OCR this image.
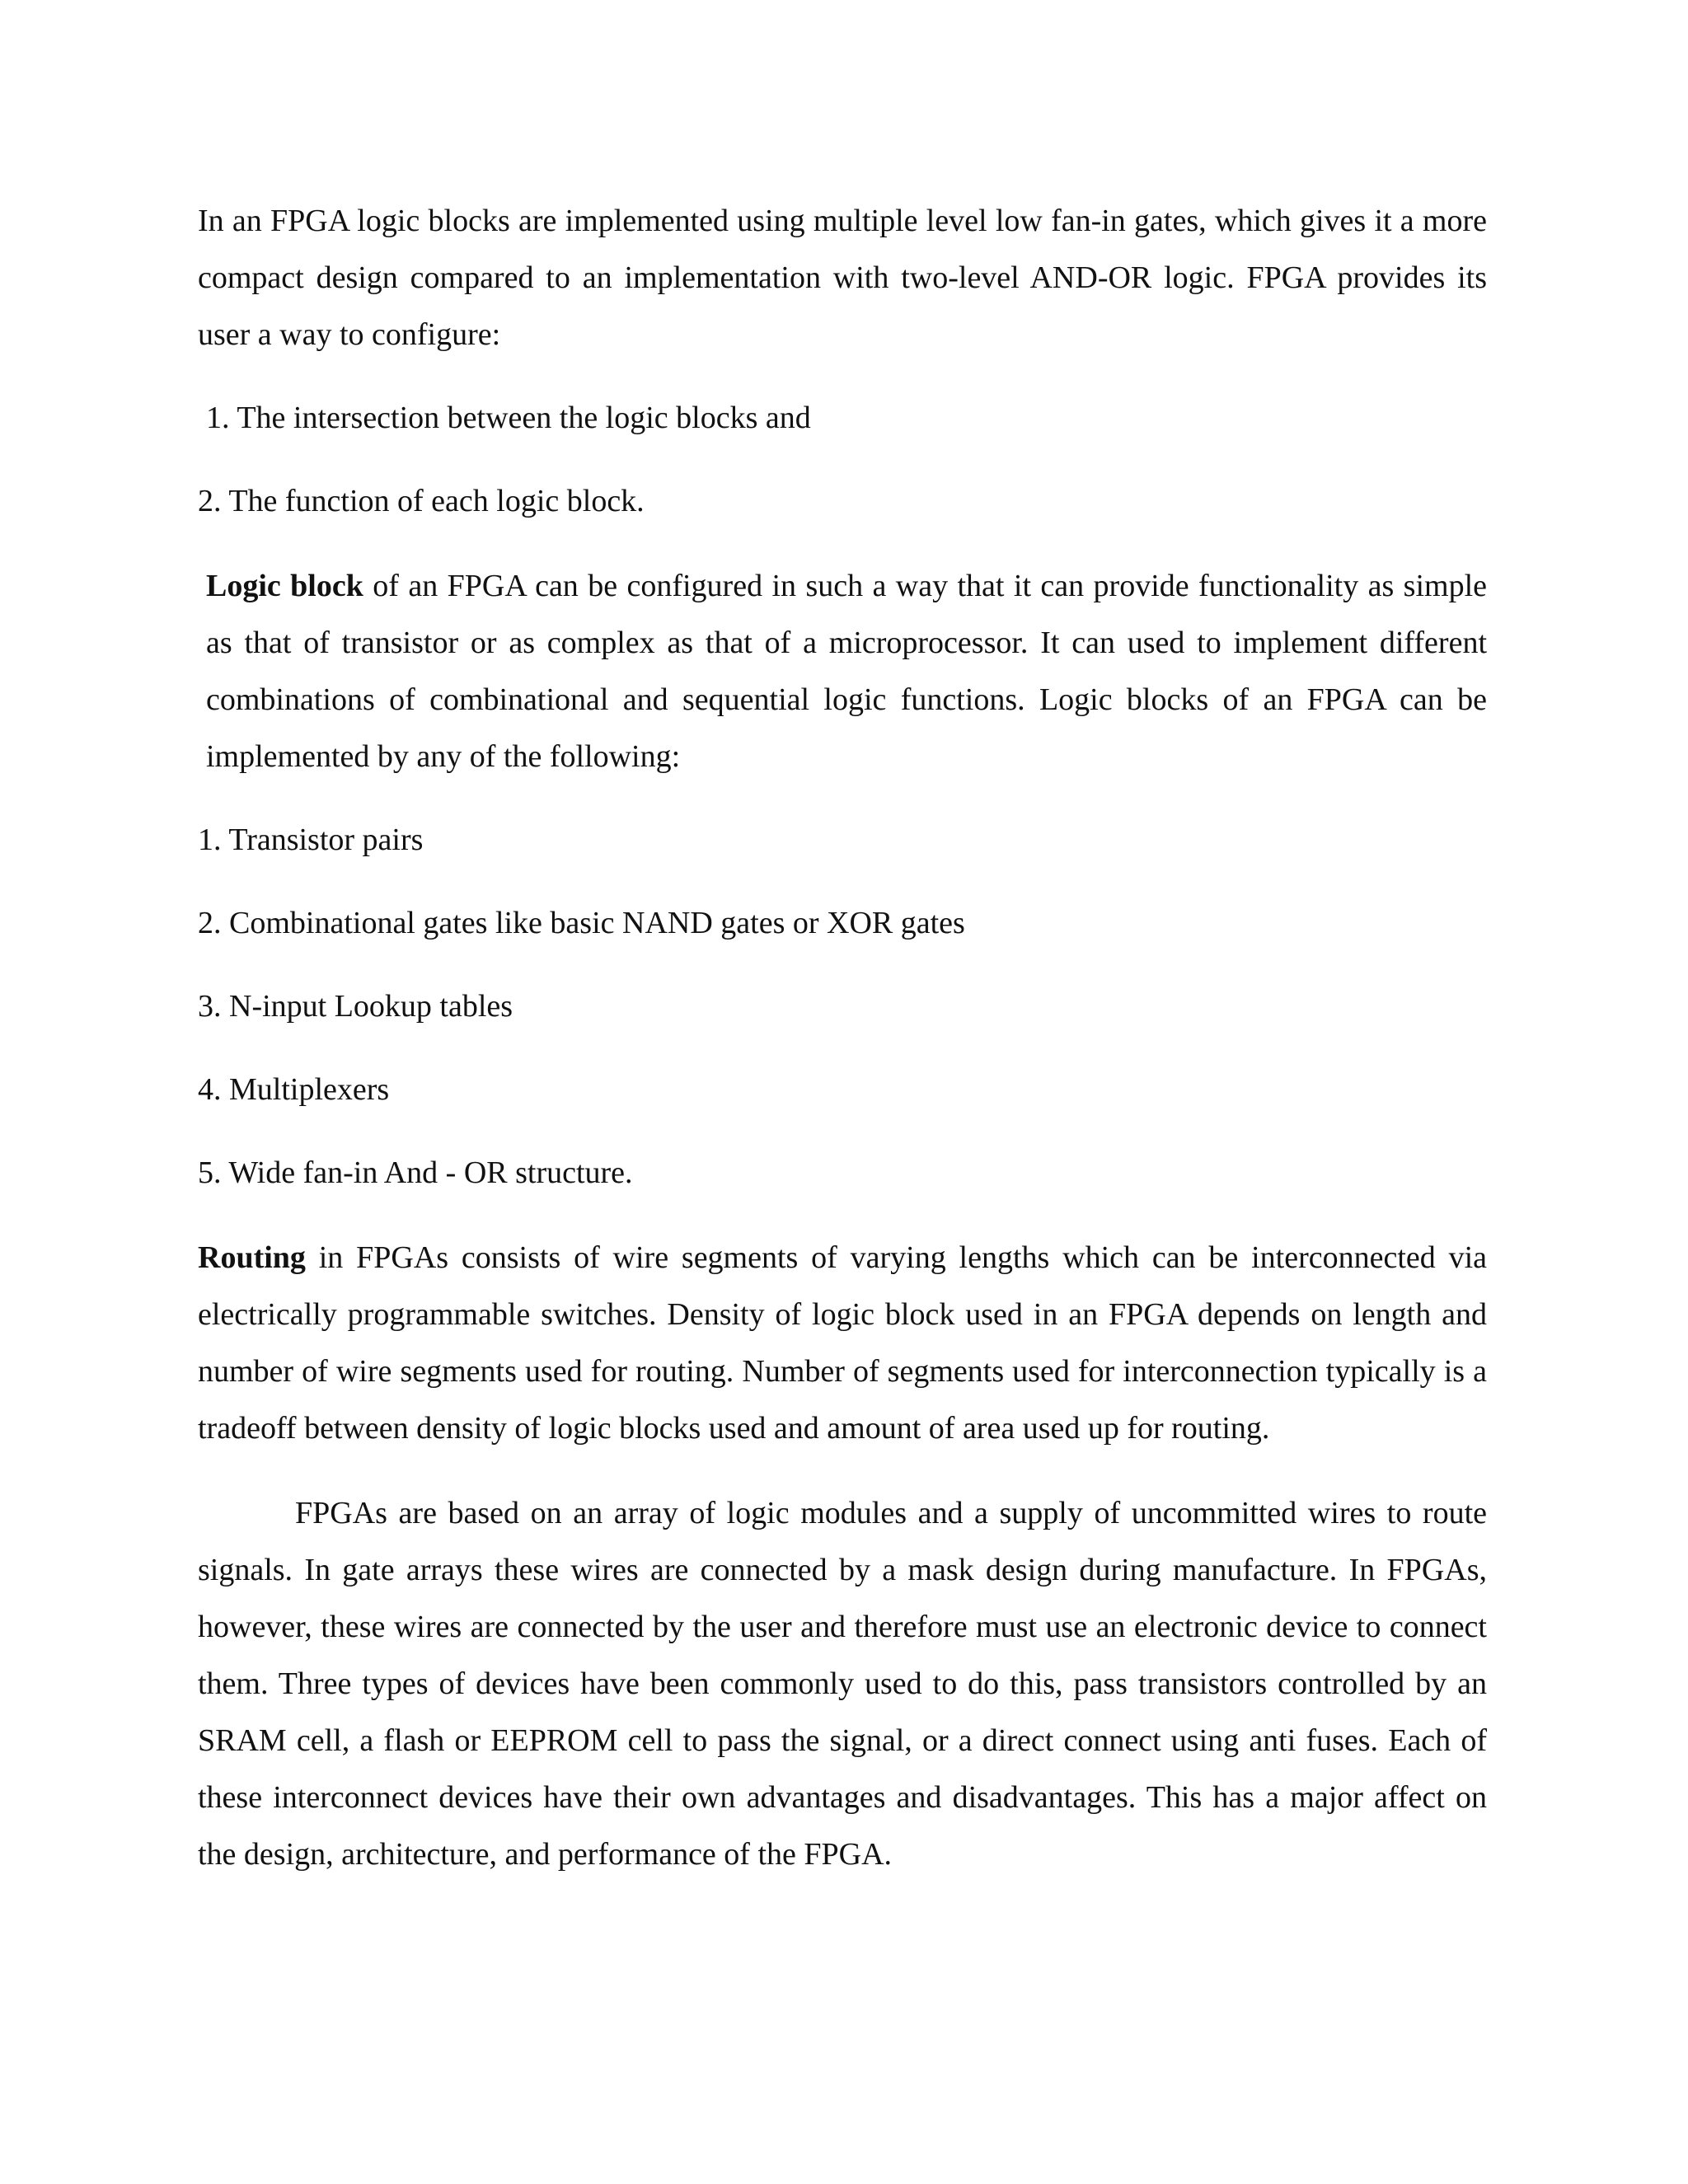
In an FPGA logic blocks are implemented using multiple level low fan-in gates, which gives it a more compact design compared to an implementation with two-level AND-OR logic. FPGA provides its user a way to configure:

1. The intersection between the logic blocks and

2. The function of each logic block.

Logic block of an FPGA can be configured in such a way that it can provide functionality as simple as that of transistor or as complex as that of a microprocessor. It can used to implement different combinations of combinational and sequential logic functions. Logic blocks of an FPGA can be implemented by any of the following:

1. Transistor pairs

2. Combinational gates like basic NAND gates or XOR gates

3. N-input Lookup tables

4. Multiplexers

5. Wide fan-in And - OR structure.

Routing in FPGAs consists of wire segments of varying lengths which can be interconnected via electrically programmable switches. Density of logic block used in an FPGA depends on length and number of wire segments used for routing. Number of segments used for interconnection typically is a tradeoff between density of logic blocks used and amount of area used up for routing.

FPGAs are based on an array of logic modules and a supply of uncommitted wires to route signals. In gate arrays these wires are connected by a mask design during manufacture. In FPGAs, however, these wires are connected by the user and therefore must use an electronic device to connect them. Three types of devices have been commonly used to do this, pass transistors controlled by an SRAM cell, a flash or EEPROM cell to pass the signal, or a direct connect using anti fuses. Each of these interconnect devices have their own advantages and disadvantages. This has a major affect on the design, architecture, and performance of the FPGA.
